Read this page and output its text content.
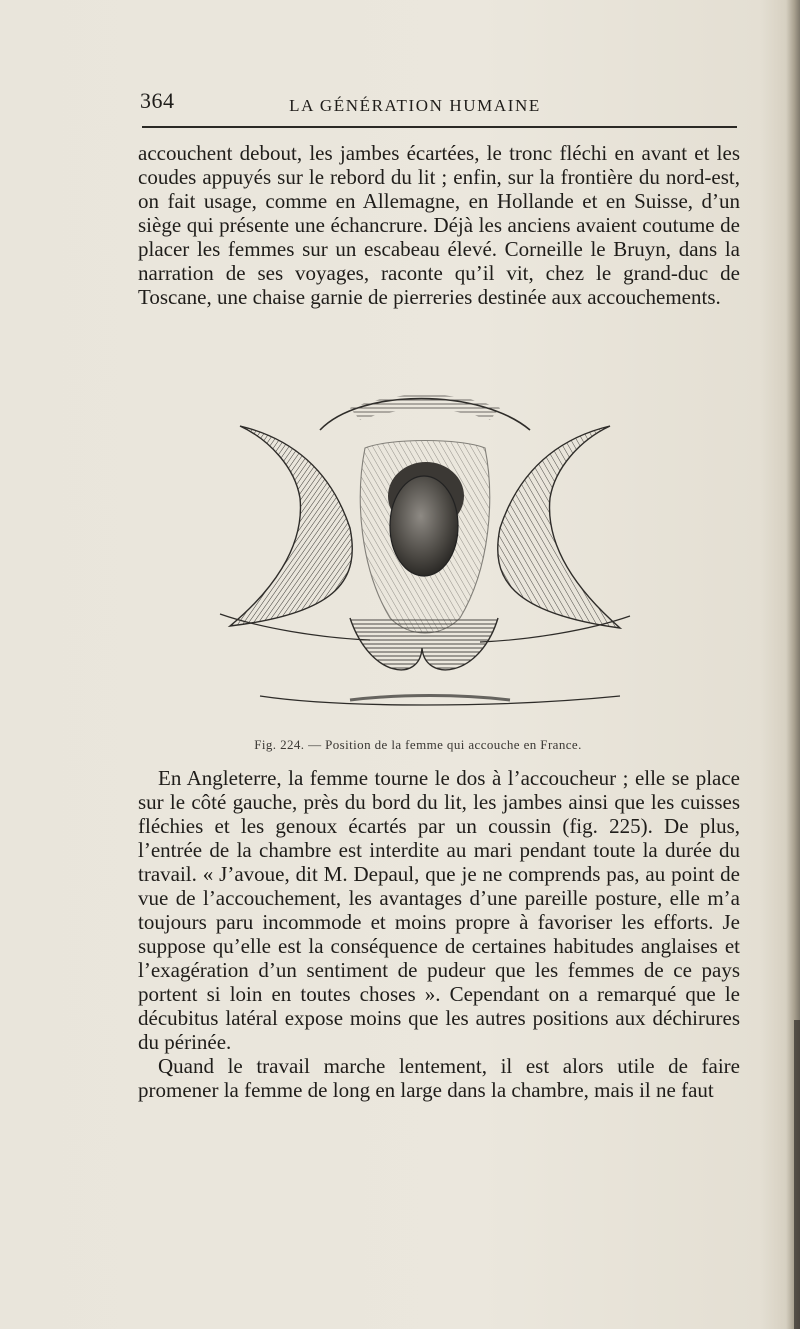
364	LA GÉNÉRATION HUMAINE

accouchent debout, les jambes écartées, le tronc fléchi en avant et les coudes appuyés sur le rebord du lit ; enfin, sur la frontière du nord-est, on fait usage, comme en Allemagne, en Hollande et en Suisse, d’un siège qui présente une échancrure. Déjà les anciens avaient coutume de placer les femmes sur un escabeau élevé. Corneille le Bruyn, dans la narration de ses voyages, raconte qu’il vit, chez le grand-duc de Toscane, une chaise garnie de pierreries destinée aux accouchements.

Fig. 224. — Position de la femme qui accouche en France.

En Angleterre, la femme tourne le dos à l’accoucheur ; elle se place sur le côté gauche, près du bord du lit, les jambes ainsi que les cuisses fléchies et les genoux écartés par un coussin (fig. 225). De plus, l’entrée de la chambre est interdite au mari pendant toute la durée du travail. « J’avoue, dit M. Depaul, que je ne comprends pas, au point de vue de l’accouchement, les avantages d’une pareille posture, elle m’a toujours paru incommode et moins propre à favoriser les efforts. Je suppose qu’elle est la conséquence de certaines habitudes anglaises et l’exagération d’un sentiment de pudeur que les femmes de ce pays portent si loin en toutes choses ». Cependant on a remarqué que le décubitus latéral expose moins que les autres positions aux déchirures du périnée.

Quand le travail marche lentement, il est alors utile de faire promener la femme de long en large dans la chambre, mais il ne faut
